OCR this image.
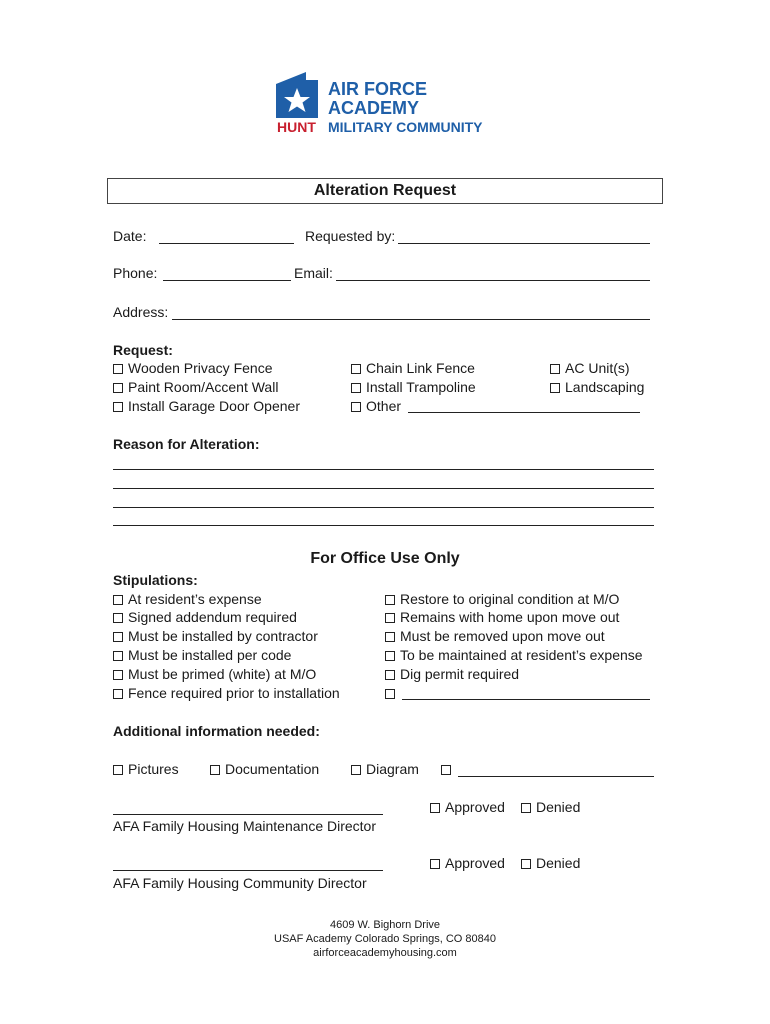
AIR FORCE
ACADEMY
HUNT MILITARY COMMUNITY
Alteration Request
Date:	Requested by:
Phone:	Email:
Address:
Request:
Wooden Privacy Fence
Paint Room/Accent Wall
Install Garage Door Opener
Chain Link Fence
Install Trampoline
Other
AC Unit(s)
Landscaping
Reason for Alteration:
For Office Use Only
Stipulations:
At resident’s expense
Signed addendum required
Must be installed by contractor
Must be installed per code
Must be primed (white) at M/O
Fence required prior to installation
Restore to original condition at M/O
Remains with home upon move out
Must be removed upon move out
To be maintained at resident’s expense
Dig permit required
Additional information needed:
Pictures	Documentation	Diagram
Approved	Denied
AFA Family Housing Maintenance Director
Approved	Denied
AFA Family Housing Community Director
4609 W. Bighorn Drive
USAF Academy Colorado Springs, CO 80840
airforceacademyhousing.com
